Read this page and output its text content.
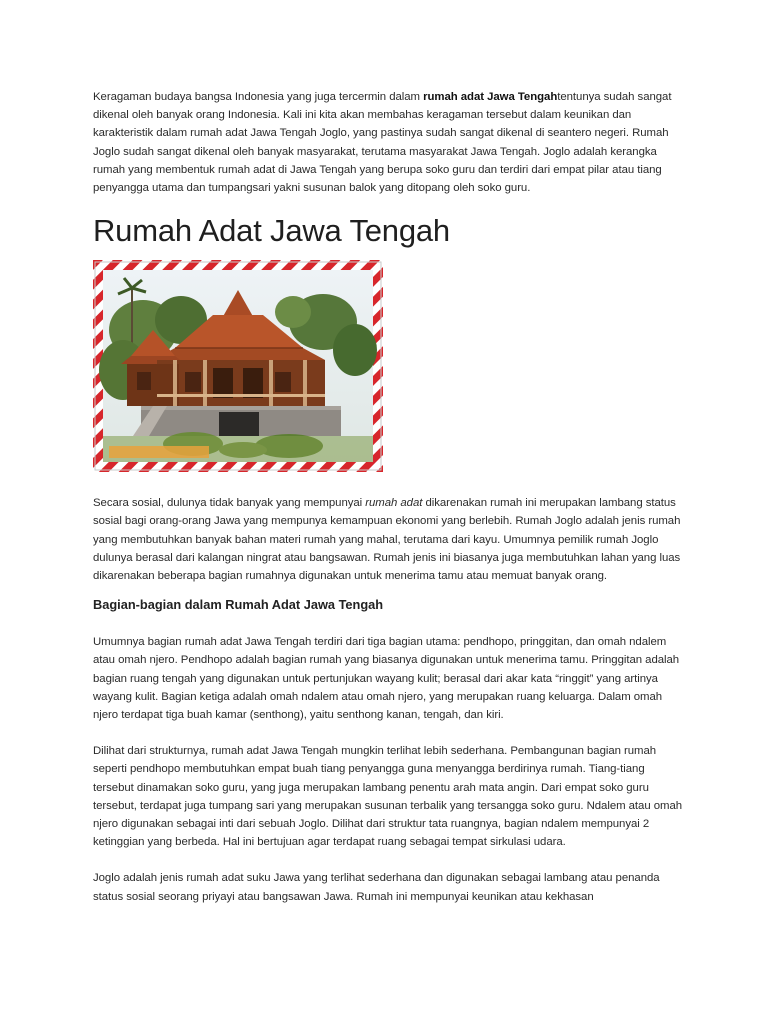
Keragaman budaya bangsa Indonesia yang juga tercermin dalam rumah adat Jawa Tengahtentunya sudah sangat dikenal oleh banyak orang Indonesia. Kali ini kita akan membahas keragaman tersebut dalam keunikan dan karakteristik dalam rumah adat Jawa Tengah Joglo, yang pastinya sudah sangat dikenal di seantero negeri. Rumah Joglo sudah sangat dikenal oleh banyak masyarakat, terutama masyarakat Jawa Tengah. Joglo adalah kerangka rumah yang membentuk rumah adat di Jawa Tengah yang berupa soko guru dan terdiri dari empat pilar atau tiang penyangga utama dan tumpangsari yakni susunan balok yang ditopang oleh soko guru.

Rumah Adat Jawa Tengah

Secara sosial, dulunya tidak banyak yang mempunyai rumah adat dikarenakan rumah ini merupakan lambang status sosial bagi orang-orang Jawa yang mempunya kemampuan ekonomi yang berlebih. Rumah Joglo adalah jenis rumah yang membutuhkan banyak bahan materi rumah yang mahal, terutama dari kayu. Umumnya pemilik rumah Joglo dulunya berasal dari kalangan ningrat atau bangsawan. Rumah jenis ini biasanya juga membutuhkan lahan yang luas dikarenakan beberapa bagian rumahnya digunakan untuk menerima tamu atau memuat banyak orang.

Bagian-bagian dalam Rumah Adat Jawa Tengah

Umumnya bagian rumah adat Jawa Tengah terdiri dari tiga bagian utama: pendhopo, pringgitan, dan omah ndalem atau omah njero. Pendhopo adalah bagian rumah yang biasanya digunakan untuk menerima tamu. Pringgitan adalah bagian ruang tengah yang digunakan untuk pertunjukan wayang kulit; berasal dari akar kata “ringgit” yang artinya wayang kulit. Bagian ketiga adalah omah ndalem atau omah njero, yang merupakan ruang keluarga. Dalam omah njero terdapat tiga buah kamar (senthong), yaitu senthong kanan, tengah, dan kiri.

Dilihat dari strukturnya, rumah adat Jawa Tengah mungkin terlihat lebih sederhana. Pembangunan bagian rumah seperti pendhopo membutuhkan empat buah tiang penyangga guna menyangga berdirinya rumah. Tiang-tiang tersebut dinamakan soko guru, yang juga merupakan lambang penentu arah mata angin. Dari empat soko guru tersebut, terdapat juga tumpang sari yang merupakan susunan terbalik yang tersangga soko guru. Ndalem atau omah njero digunakan sebagai inti dari sebuah Joglo. Dilihat dari struktur tata ruangnya, bagian ndalem mempunyai 2 ketinggian yang berbeda. Hal ini bertujuan agar terdapat ruang sebagai tempat sirkulasi udara.

Joglo adalah jenis rumah adat suku Jawa yang terlihat sederhana dan digunakan sebagai lambang atau penanda status sosial seorang priyayi atau bangsawan Jawa. Rumah ini mempunyai keunikan atau kekhasan
